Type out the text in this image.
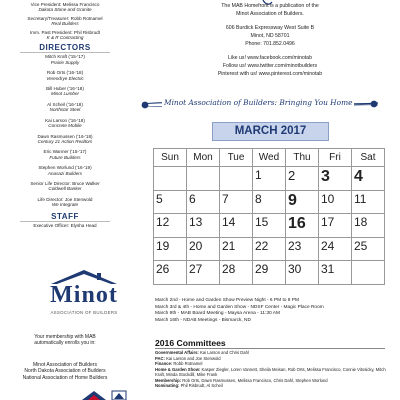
Vice President: Melissa Francisco
Dakota Stone and Granite
Secretary/Treasurer: Robb Rotnamel
Real Builders
Imm. Past President: Phil Risbrudt
K & R Contracting
DIRECTORS
Mitch Kraft ('15-'17)
Prairie Supply
Rob Orts ('16-'18)
Verendrye Electric
Bill Huber ('16-'18)
Minot Lumber
Al Scheil ('16-'18)
Northstar Steel
Kai Larson ('16-'18)
Concrete Mobile
Dawn Rasmussen ('16-'18)
Century 21 Action Realtors
Eric Wanner ('15-'17)
Future Builders
Stephen Worlund ('16-'19)
Anasazi Builders
Senior Life Director: Bruce Walker
Coldwell Banker
Life Director: Joe Stenwold
We Integrate
STAFF
Executive Officer: Elysha Head
Minot
ASSOCIATION OF BUILDERS
Your membership with MAB
automatically enrolls you in:
Minot Association of Builders
North Dakota Association of Builders
National Association of Home Builders
The MAB Homefront is a publication of the
Minot Association of Builders.
606 Burdick Expressway West Suite B
Minot, ND 58701
Phone: 701.852.0496
Like us! www.facebook.com/minotab
Follow us! www.twitter.com/minotbuilders
Pinterest with us! www.pinterest.com/minotab
Minot Association of Builders: Bringing You Home
MARCH 2017
Sun	Mon	Tue	Wed	Thu	Fri	Sat
			1	2	3	4
5	6	7	8	9	10	11
12	13	14	15	16	17	18
19	20	21	22	23	24	25
26	27	28	29	30	31	
March 2nd - Home and Garden Show Preview Night - 6 PM to 8 PM
March 3rd & 4th - Home and Garden Show - NDSF Center - Magic Place Room
March 9th - MAB Board Meeting - Maysa Arena - 11:30 AM
March 16th - NDAB Meetings - Bismarck, ND
2016 Committees
Governmental Affairs: Kai Larson and Chris Dahl
PAC: Kai Larson and Joe Stenwold
Finance: Robb Rotnamel
Home & Garden Show: Kasper Ziegler, Loren Vannett, Sheila Meisan, Rob Orts, Melissa Francisco, Connie Vitosicky, Mitch Kraft, Minda Stockdill, Mike Frank
Membership: Rob Orts, Dawn Rasmussen, Melissa Francisco, Chris Dahl, Stephen Worlund
Nominating: Phil Risbrudt, Al Scheil
